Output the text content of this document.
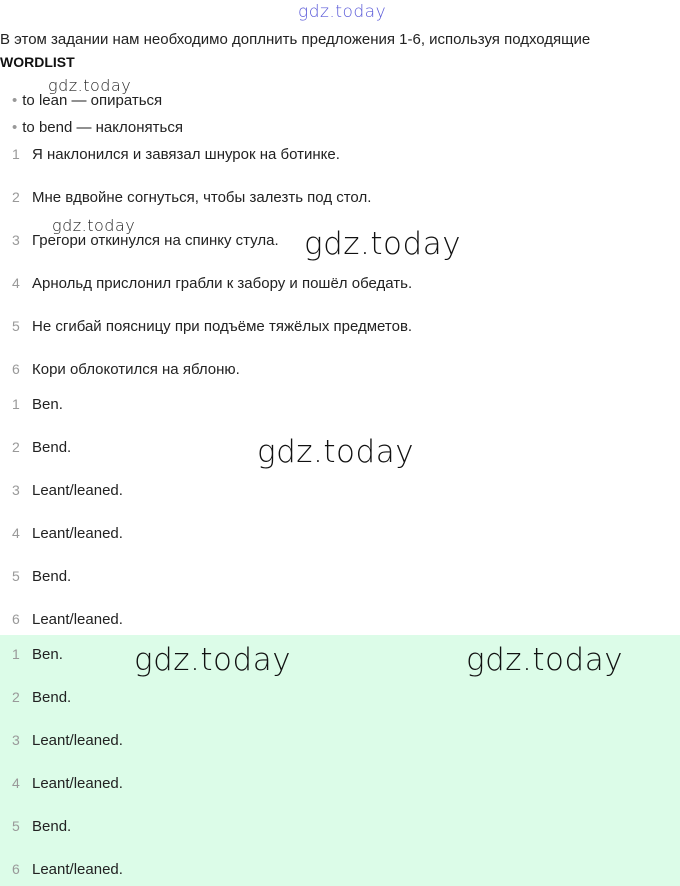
gdz.today
В этом задании нам необходимо доплнить предложения 1-6, используя подходящие
WORDLIST
• to lean — опираться
• to bend — наклоняться
1 Я наклонился и завязал шнурок на ботинке.
2 Мне вдвойне согнуться, чтобы залезть под стол.
3 Грегори откинулся на спинку стула.
4 Арнольд прислонил грабли к забору и пошёл обедать.
5 Не сгибай поясницу при подъёме тяжёлых предметов.
6 Кори облокотился на яблоню.
1 Ben.
2 Bend.
3 Leant/leaned.
4 Leant/leaned.
5 Bend.
6 Leant/leaned.
1 Ben.
2 Bend.
3 Leant/leaned.
4 Leant/leaned.
5 Bend.
6 Leant/leaned.
gdz.today
gdz.today
gdz.today
gdz.today
gdz.today	gdz.today
